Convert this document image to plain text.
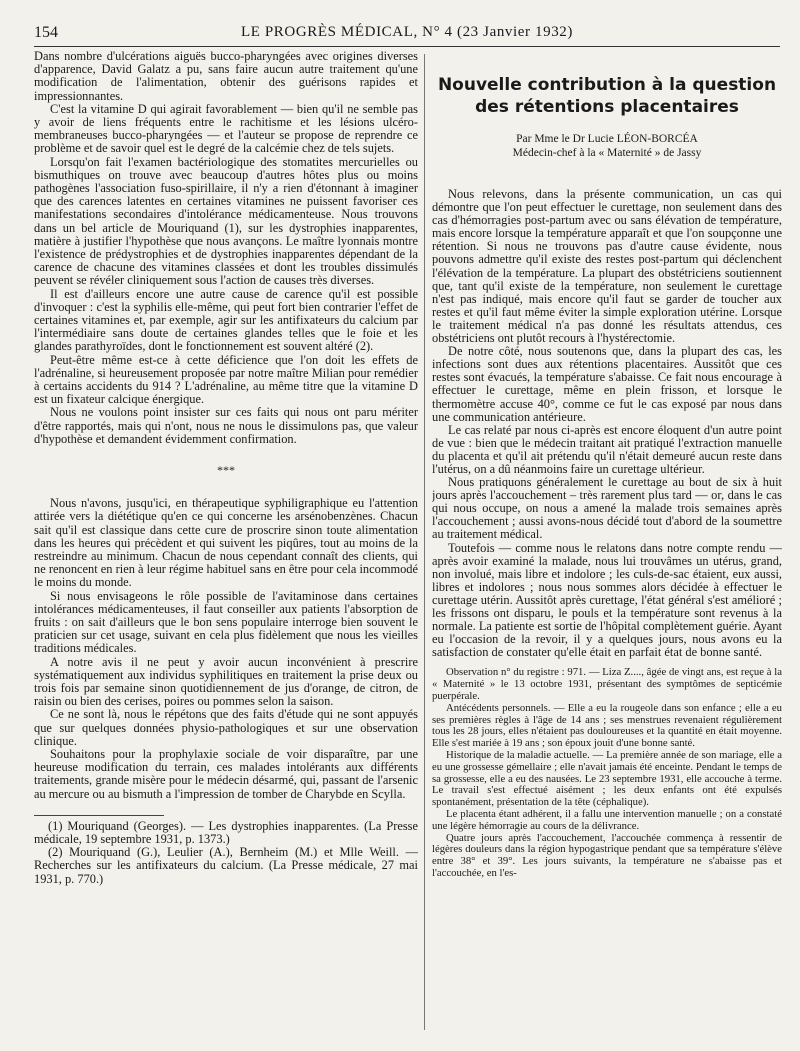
154	LE PROGRÈS MÉDICAL, N° 4 (23 Janvier 1932)

Dans nombre d'ulcérations aiguës bucco-pharyngées avec origines diverses d'apparence, David Galatz a pu, sans faire aucun autre traitement qu'une modification de l'alimentation, obtenir des guérisons rapides et impressionnantes.

C'est la vitamine D qui agirait favorablement — bien qu'il ne semble pas y avoir de liens fréquents entre le rachitisme et les lésions ulcéro-membraneuses bucco-pharyngées — et l'auteur se propose de reprendre ce problème et de savoir quel est le degré de la calcémie chez de tels sujets.

Lorsqu'on fait l'examen bactériologique des stomatites mercurielles ou bismuthiques on trouve avec beaucoup d'autres hôtes plus ou moins pathogènes l'association fuso-spirillaire, il n'y a rien d'étonnant à imaginer que des carences latentes en certaines vitamines ne puissent favoriser ces manifestations secondaires d'intolérance médicamenteuse. Nous trouvons dans un bel article de Mouriquand (1), sur les dystrophies inapparentes, matière à justifier l'hypothèse que nous avançons. Le maître lyonnais montre l'existence de prédystrophies et de dystrophies inapparentes dépendant de la carence de chacune des vitamines classées et dont les troubles dissimulés peuvent se révéler cliniquement sous l'action de causes très diverses.

Il est d'ailleurs encore une autre cause de carence qu'il est possible d'invoquer : c'est la syphilis elle-même, qui peut fort bien contrarier l'effet de certaines vitamines et, par exemple, agir sur les antifixateurs du calcium par l'intermédiaire sans doute de certaines glandes telles que le foie et les glandes parathyroïdes, dont le fonctionnement est souvent altéré (2).

Peut-être même est-ce à cette déficience que l'on doit les effets de l'adrénaline, si heureusement proposée par notre maître Milian pour remédier à certains accidents du 914 ? L'adrénaline, au même titre que la vitamine D est un fixateur calcique énergique.

Nous ne voulons point insister sur ces faits qui nous ont paru mériter d'être rapportés, mais qui n'ont, nous ne nous le dissimulons pas, que valeur d'hypothèse et demandent évidemment confirmation.

***

Nous n'avons, jusqu'ici, en thérapeutique syphiligraphique eu l'attention attirée vers la diététique qu'en ce qui concerne les arsénobenzènes. Chacun sait qu'il est classique dans cette cure de proscrire sinon toute alimentation dans les heures qui précèdent et qui suivent les piqûres, tout au moins de la restreindre au minimum. Chacun de nous cependant connaît des clients, qui ne renoncent en rien à leur régime habituel sans en être pour cela incommodé le moins du monde.

Si nous envisageons le rôle possible de l'avitaminose dans certaines intolérances médicamenteuses, il faut conseiller aux patients l'absorption de fruits : on sait d'ailleurs que le bon sens populaire interroge bien souvent le praticien sur cet usage, suivant en cela plus fidèlement que nous les vieilles traditions médicales.

A notre avis il ne peut y avoir aucun inconvénient à prescrire systématiquement aux individus syphilitiques en traitement la prise deux ou trois fois par semaine sinon quotidiennement de jus d'orange, de citron, de raisin ou bien des cerises, poires ou pommes selon la saison.

Ce ne sont là, nous le répétons que des faits d'étude qui ne sont appuyés que sur quelques données physio-pathologiques et sur une observation clinique.

Souhaitons pour la prophylaxie sociale de voir disparaître, par une heureuse modification du terrain, ces malades intolérants aux différents traitements, grande misère pour le médecin désarmé, qui, passant de l'arsenic au mercure ou au bismuth a l'impression de tomber de Charybde en Scylla.

(1) Mouriquand (Georges). — Les dystrophies inapparentes. (La Presse médicale, 19 septembre 1931, p. 1373.)

(2) Mouriquand (G.), Leulier (A.), Bernheim (M.) et Mlle Weill. — Recherches sur les antifixateurs du calcium. (La Presse médicale, 27 mai 1931, p. 770.)

Nouvelle contribution à la question
des rétentions placentaires
Par Mme le Dr Lucie LÉON-BORCÉA
Médecin-chef à la « Maternité » de Jassy

Nous relevons, dans la présente communication, un cas qui démontre que l'on peut effectuer le curettage, non seulement dans des cas d'hémorragies post-partum avec ou sans élévation de température, mais encore lorsque la température apparaît et que l'on soupçonne une rétention. Si nous ne trouvons pas d'autre cause évidente, nous pouvons admettre qu'il existe des restes post-partum qui déclenchent l'élévation de la température. La plupart des obstétriciens soutiennent que, tant qu'il existe de la température, non seulement le curettage n'est pas indiqué, mais encore qu'il faut se garder de toucher aux restes et qu'il faut même éviter la simple exploration utérine. Lorsque le traitement médical n'a pas donné les résultats attendus, ces obstétriciens ont plutôt recours à l'hystérectomie.

De notre côté, nous soutenons que, dans la plupart des cas, les infections sont dues aux rétentions placentaires. Aussitôt que ces restes sont évacués, la température s'abaisse. Ce fait nous encourage à effectuer le curettage, même en plein frisson, et lorsque le thermomètre accuse 40°, comme ce fut le cas exposé par nous dans une communication antérieure.

Le cas relaté par nous ci-après est encore éloquent d'un autre point de vue : bien que le médecin traitant ait pratiqué l'extraction manuelle du placenta et qu'il ait prétendu qu'il n'était demeuré aucun reste dans l'utérus, on a dû néanmoins faire un curettage ultérieur.

Nous pratiquons généralement le curettage au bout de six à huit jours après l'accouchement – très rarement plus tard — or, dans le cas qui nous occupe, on nous a amené la malade trois semaines après l'accouchement ; aussi avons-nous décidé tout d'abord de la soumettre au traitement médical.

Toutefois — comme nous le relatons dans notre compte rendu — après avoir examiné la malade, nous lui trouvâmes un utérus, grand, non involué, mais libre et indolore ; les culs-de-sac étaient, eux aussi, libres et indolores ; nous nous sommes alors décidée à effectuer le curettage utérin. Aussitôt après curettage, l'état général s'est amélioré ; les frissons ont disparu, le pouls et la température sont revenus à la normale. La patiente est sortie de l'hôpital complètement guérie. Ayant eu l'occasion de la revoir, il y a quelques jours, nous avons eu la satisfaction de constater qu'elle était en parfait état de bonne santé.

Observation n° du registre : 971. — Liza Z...., âgée de vingt ans, est reçue à la « Maternité » le 13 octobre 1931, présentant des symptômes de septicémie puerpérale.

Antécédents personnels. — Elle a eu la rougeole dans son enfance ; elle a eu ses premières règles à l'âge de 14 ans ; ses menstrues revenaient régulièrement tous les 28 jours, elles n'étaient pas douloureuses et la quantité en était moyenne. Elle s'est mariée à 19 ans ; son époux jouit d'une bonne santé.

Historique de la maladie actuelle. — La première année de son mariage, elle a eu une grossesse gémellaire ; elle n'avait jamais été enceinte. Pendant le temps de sa grossesse, elle a eu des nausées. Le 23 septembre 1931, elle accouche à terme. Le travail s'est effectué aisément ; les deux enfants ont été expulsés spontanément, présentation de la tête (céphalique).

Le placenta étant adhérent, il a fallu une intervention manuelle ; on a constaté une légère hémorragie au cours de la délivrance.

Quatre jours après l'accouchement, l'accouchée commença à ressentir de légères douleurs dans la région hypogastrique pendant que sa température s'élève entre 38° et 39°. Les jours suivants, la température ne s'abaisse pas et l'accouchée, en l'es-
